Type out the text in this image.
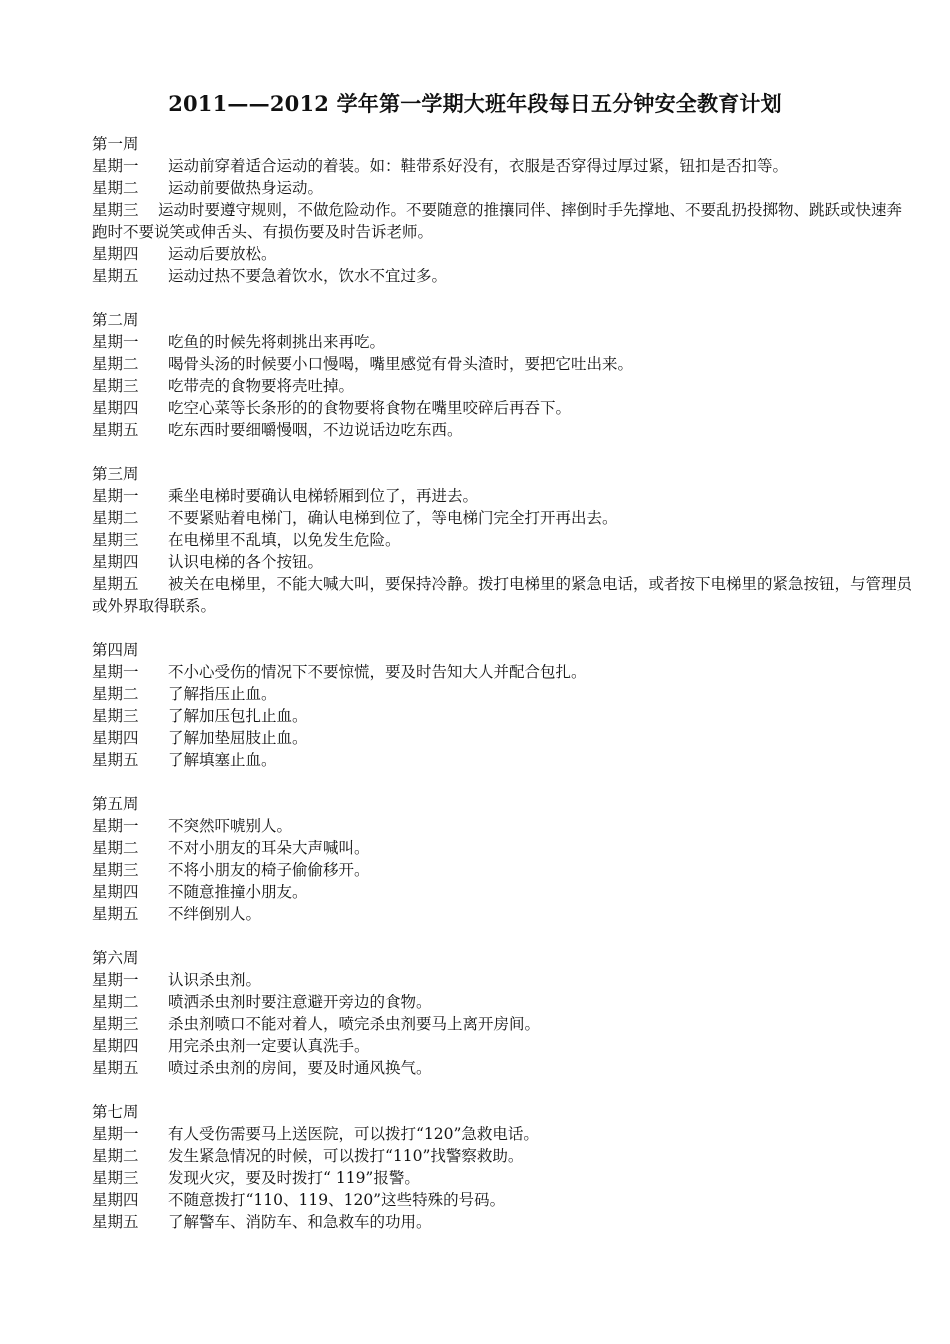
2011——2012 学年第一学期大班年段每日五分钟安全教育计划
第一周
星期一 运动前穿着适合运动的着装。如：鞋带系好没有，衣服是否穿得过厚过紧，钮扣是否扣等。
星期二 运动前要做热身运动。
星期三 运动时要遵守规则，不做危险动作。不要随意的推攘同伴、摔倒时手先撑地、不要乱扔投掷物、跳跃或快速奔跑时不要说笑或伸舌头、有损伤要及时告诉老师。
星期四 运动后要放松。
星期五 运动过热不要急着饮水，饮水不宜过多。
第二周
星期一 吃鱼的时候先将刺挑出来再吃。
星期二 喝骨头汤的时候要小口慢喝，嘴里感觉有骨头渣时，要把它吐出来。
星期三 吃带壳的食物要将壳吐掉。
星期四 吃空心菜等长条形的的食物要将食物在嘴里咬碎后再吞下。
星期五 吃东西时要细嚼慢咽，不边说话边吃东西。
第三周
星期一 乘坐电梯时要确认电梯轿厢到位了，再进去。
星期二 不要紧贴着电梯门，确认电梯到位了，等电梯门完全打开再出去。
星期三 在电梯里不乱填，以免发生危险。
星期四 认识电梯的各个按钮。
星期五 被关在电梯里，不能大喊大叫，要保持冷静。拨打电梯里的紧急电话，或者按下电梯里的紧急按钮，与管理员或外界取得联系。
第四周
星期一 不小心受伤的情况下不要惊慌，要及时告知大人并配合包扎。
星期二 了解指压止血。
星期三 了解加压包扎止血。
星期四 了解加垫屈肢止血。
星期五 了解填塞止血。
第五周
星期一 不突然吓唬别人。
星期二 不对小朋友的耳朵大声喊叫。
星期三 不将小朋友的椅子偷偷移开。
星期四 不随意推撞小朋友。
星期五 不绊倒别人。
第六周
星期一 认识杀虫剂。
星期二 喷洒杀虫剂时要注意避开旁边的食物。
星期三 杀虫剂喷口不能对着人，喷完杀虫剂要马上离开房间。
星期四 用完杀虫剂一定要认真洗手。
星期五 喷过杀虫剂的房间，要及时通风换气。
第七周
星期一 有人受伤需要马上送医院，可以拨打“120”急救电话。
星期二 发生紧急情况的时候，可以拨打“110”找警察救助。
星期三 发现火灾，要及时拨打“ 119”报警。
星期四 不随意拨打“110、119、120”这些特殊的号码。
星期五 了解警车、消防车、和急救车的功用。
